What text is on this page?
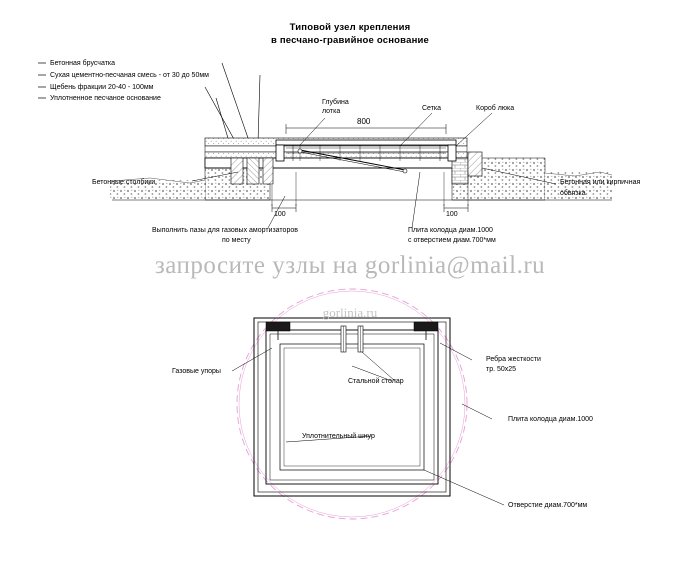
Типовой узел крепления
в песчано-гравийное основание
Бетонная брусчатка
Сухая цементно-песчаная смесь - от 30 до 50мм
Щебень фракции 20-40 - 100мм
Уплотненное песчаное основание
Глубина
лотка
800
Сетка	Короб люка
Бетонные столбики	Бетонная или кирпичная
обвязка
100	100
Выполнить пазы для газовых амортизаторов
по месту
Плита колодца диам.1000
с отверстием диам.700*мм
запросите узлы на gorlinia@mail.ru
gorlinia.ru
Газовые упоры
Ребра жесткости
тр. 50х25
Стальной столар
Уплотнительный шнур
Плита колодца диам.1000
Отверстие диам.700*мм
